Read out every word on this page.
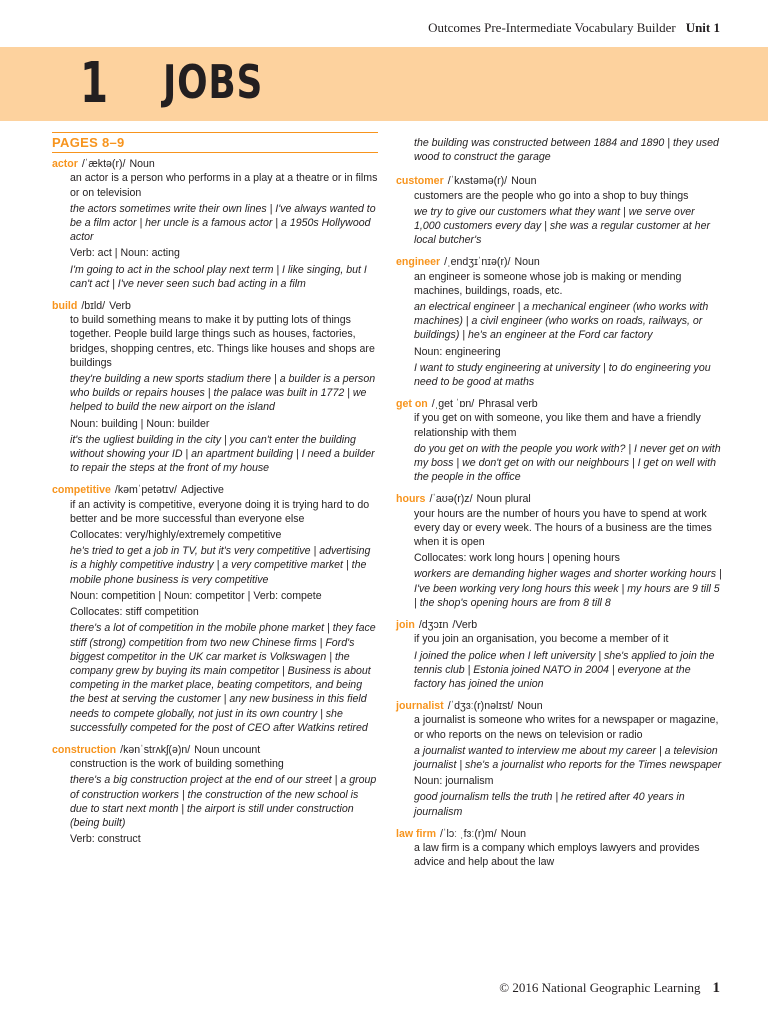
Outcomes Pre-Intermediate Vocabulary Builder Unit 1
1 JOBS
PAGES 8–9
actor /ˈæktə(r)/ Noun
an actor is a person who performs in a play at a theatre or in films or on television
the actors sometimes write their own lines | I've always wanted to be a film actor | her uncle is a famous actor | a 1950s Hollywood actor
Verb: act | Noun: acting
I'm going to act in the school play next term | I like singing, but I can't act | I've never seen such bad acting in a film
build /bɪld/ Verb
to build something means to make it by putting lots of things together. People build large things such as houses, factories, bridges, shopping centres, etc. Things like houses and shops are buildings
they're building a new sports stadium there | a builder is a person who builds or repairs houses | the palace was built in 1772 | we helped to build the new airport on the island
Noun: building | Noun: builder
it's the ugliest building in the city | you can't enter the building without showing your ID | an apartment building | I need a builder to repair the steps at the front of my house
competitive /kəmˈpetətɪv/ Adjective
if an activity is competitive, everyone doing it is trying hard to do better and be more successful than everyone else
Collocates: very/highly/extremely competitive
he's tried to get a job in TV, but it's very competitive | advertising is a highly competitive industry | a very competitive market | the mobile phone business is very competitive
Noun: competition | Noun: competitor | Verb: compete
Collocates: stiff competition
there's a lot of competition in the mobile phone market | they face stiff (strong) competition from two new Chinese firms | Ford's biggest competitor in the UK car market is Volkswagen | the company grew by buying its main competitor | Business is about competing in the market place, beating competitors, and being the best at serving the customer | any new business in this field needs to compete globally, not just in its own country | she successfully competed for the post of CEO after Watkins retired
construction /kənˈstrʌkʃ(ə)n/ Noun uncount
construction is the work of building something
there's a big construction project at the end of our street | a group of construction workers | the construction of the new school is due to start next month | the airport is still under construction (being built)
Verb: construct
the building was constructed between 1884 and 1890 | they used wood to construct the garage
customer /ˈkʌstəmə(r)/ Noun
customers are the people who go into a shop to buy things
we try to give our customers what they want | we serve over 1,000 customers every day | she was a regular customer at her local butcher's
engineer /ˌendʒɪˈnɪə(r)/ Noun
an engineer is someone whose job is making or mending machines, buildings, roads, etc.
an electrical engineer | a mechanical engineer (who works with machines) | a civil engineer (who works on roads, railways, or buildings) | he's an engineer at the Ford car factory
Noun: engineering
I want to study engineering at university | to do engineering you need to be good at maths
get on /ˌɡet ˈɒn/ Phrasal verb
if you get on with someone, you like them and have a friendly relationship with them
do you get on with the people you work with? | I never get on with my boss | we don't get on with our neighbours | I get on well with the people in the office
hours /ˈaʊə(r)z/ Noun plural
your hours are the number of hours you have to spend at work every day or every week. The hours of a business are the times when it is open
Collocates: work long hours | opening hours
workers are demanding higher wages and shorter working hours | I've been working very long hours this week | my hours are 9 till 5 | the shop's opening hours are from 8 till 8
join /dʒɔɪn /Verb
if you join an organisation, you become a member of it
I joined the police when I left university | she's applied to join the tennis club | Estonia joined NATO in 2004 | everyone at the factory has joined the union
journalist /ˈdʒɜː(r)nəlɪst/ Noun
a journalist is someone who writes for a newspaper or magazine, or who reports on the news on television or radio
a journalist wanted to interview me about my career | a television journalist | she's a journalist who reports for the Times newspaper
Noun: journalism
good journalism tells the truth | he retired after 40 years in journalism
law firm /ˈlɔː ˌfɜː(r)m/ Noun
a law firm is a company which employs lawyers and provides advice and help about the law
© 2016 National Geographic Learning 1
